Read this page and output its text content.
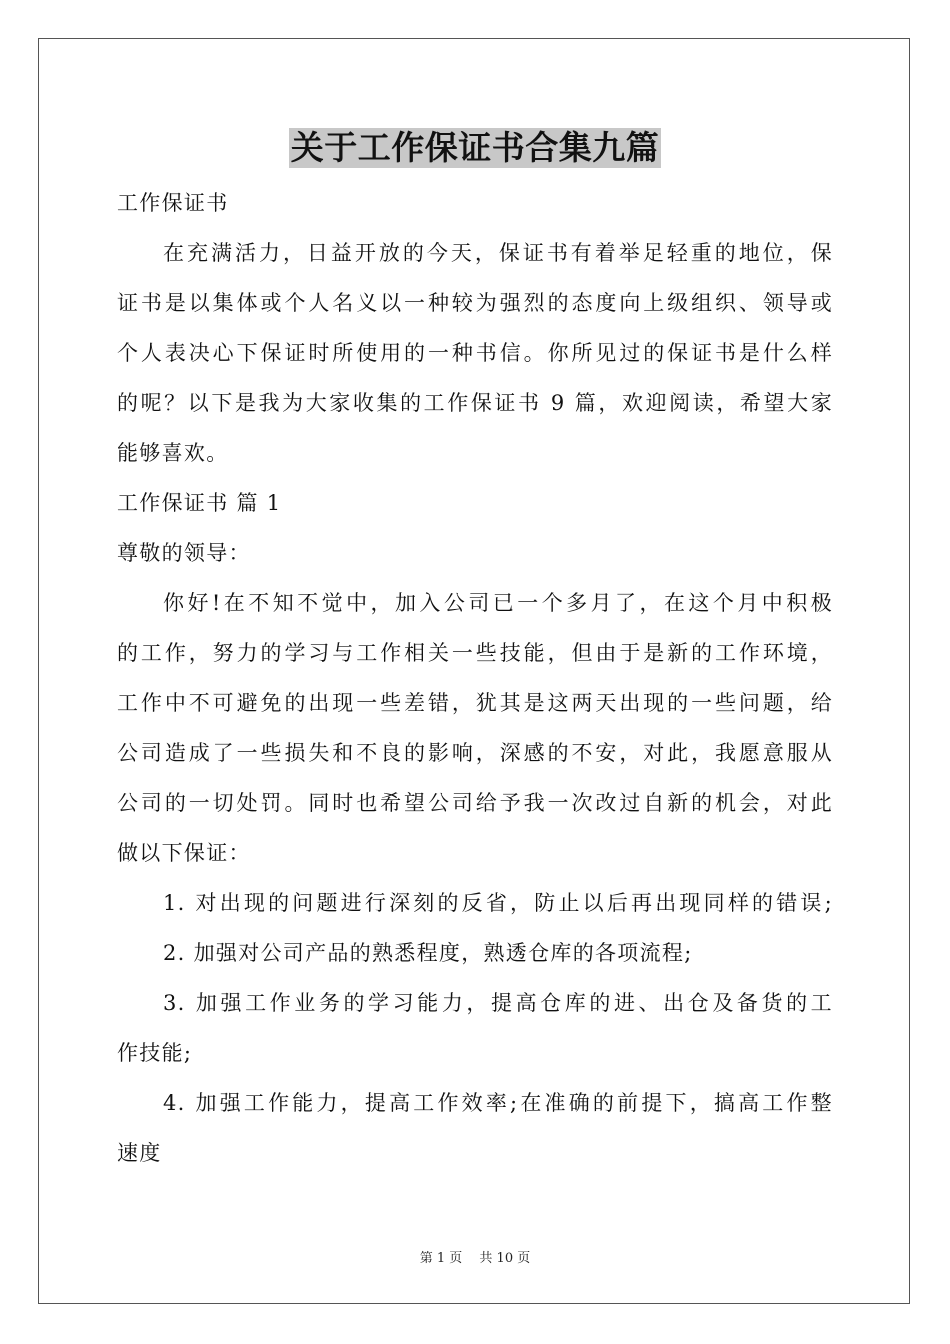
关于工作保证书合集九篇
工作保证书
在充满活力，日益开放的今天，保证书有着举足轻重的地位，保
证书是以集体或个人名义以一种较为强烈的态度向上级组织、领导或
个人表决心下保证时所使用的一种书信。你所见过的保证书是什么样
的呢？以下是我为大家收集的工作保证书 9 篇，欢迎阅读，希望大家
能够喜欢。
工作保证书 篇 1
尊敬的领导：
你好!在不知不觉中，加入公司已一个多月了，在这个月中积极
的工作，努力的学习与工作相关一些技能，但由于是新的工作环境，
工作中不可避免的出现一些差错，犹其是这两天出现的一些问题，给
公司造成了一些损失和不良的影响，深感的不安，对此，我愿意服从
公司的一切处罚。同时也希望公司给予我一次改过自新的机会，对此
做以下保证：
1. 对出现的问题进行深刻的反省，防止以后再出现同样的错误;
2. 加强对公司产品的熟悉程度，熟透仓库的各项流程;
3. 加强工作业务的学习能力，提高仓库的进、出仓及备货的工
作技能;
4. 加强工作能力，提高工作效率;在准确的前提下，搞高工作整
速度
第 1 页　 共 10 页
